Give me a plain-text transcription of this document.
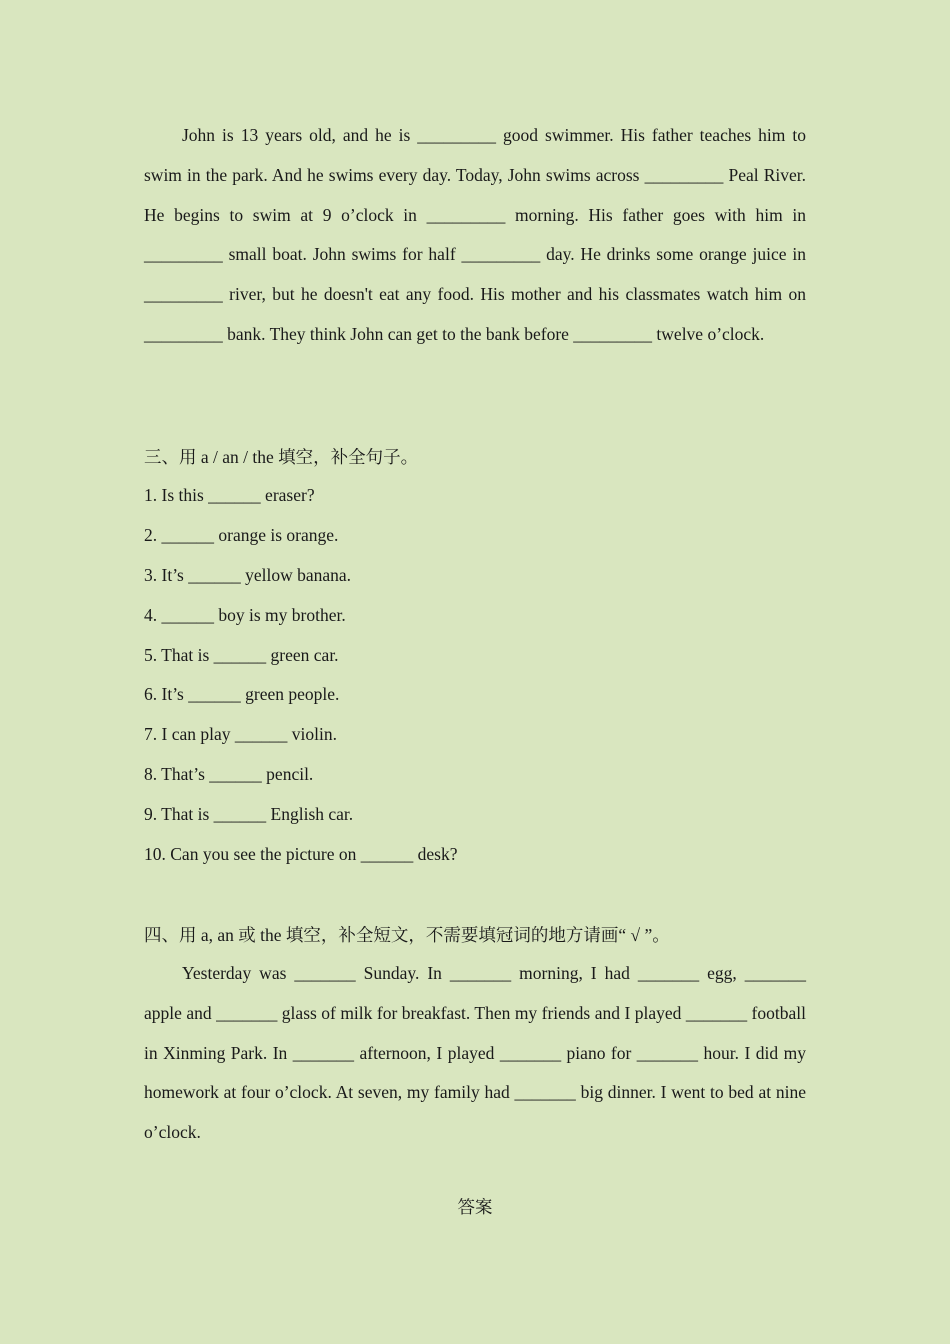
John is 13 years old, and he is _________ good swimmer. His father teaches him to swim in the park. And he swims every day. Today, John swims across _________ Peal River. He begins to swim at 9 o’clock in _________ morning. His father goes with him in _________ small boat. John swims for half _________ day. He drinks some orange juice in _________ river, but he doesn't eat any food. His mother and his classmates watch him on _________ bank. They think John can get to the bank before _________ twelve o’clock.

三、用 a / an / the 填空，补全句子。
1. Is this ______ eraser?
2. ______ orange is orange.
3. It’s ______ yellow banana.
4. ______ boy is my brother.
5. That is ______ green car.
6. It’s ______ green people.
7. I can play ______ violin.
8. That’s ______ pencil.
9. That is ______ English car.
10. Can you see the picture on ______ desk?
四、用 a, an 或 the 填空，补全短文，不需要填冠词的地方请画“ √ ”。

Yesterday was _______ Sunday. In _______ morning, I had _______ egg, _______ apple and _______ glass of milk for breakfast. Then my friends and I played _______ football in Xinming Park. In _______ afternoon, I played _______ piano for _______ hour. I did my homework at four o’clock. At seven, my family had _______ big dinner. I went to bed at nine o’clock.

答案
